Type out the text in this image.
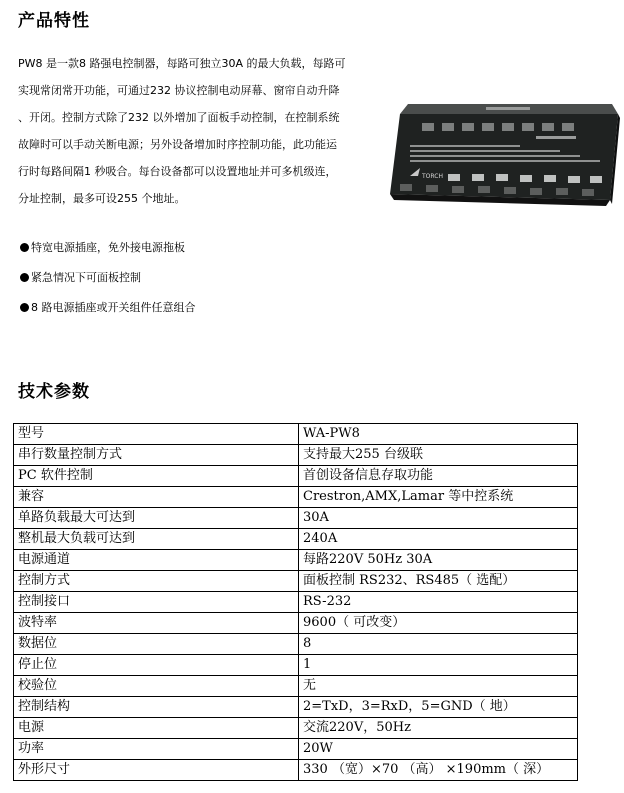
产品特性

PW8 是一款8 路强电控制器，每路可独立30A 的最大负载，每路可

实现常闭常开功能，可通过232 协议控制电动屏幕、窗帘自动升降

、开闭。控制方式除了232 以外增加了面板手动控制，在控制系统

故障时可以手动关断电源；另外设备增加时序控制功能，此功能运

行时每路间隔1 秒吸合。每台设备都可以设置地址并可多机级连，

分址控制，最多可设255 个地址。

特宽电源插座，免外接电源拖板
紧急情况下可面板控制
8 路电源插座或开关组件任意组合
TORCH
技术参数
型号	WA-PW8
串行数量控制方式	支持最大255 台级联
PC 软件控制	首创设备信息存取功能
兼容	Crestron,AMX,Lamar 等中控系统
单路负载最大可达到	30A
整机最大负载可达到	240A
电源通道	每路220V 50Hz 30A
控制方式	面板控制 RS232、RS485（ 选配）
控制接口	RS-232
波特率	9600（ 可改变）
数据位	8
停止位	1
校验位	无
控制结构	2=TxD，3=RxD，5=GND（ 地）
电源	交流220V，50Hz
功率	20W
外形尺寸	330 （宽）×70 （高） ×190mm（ 深）
